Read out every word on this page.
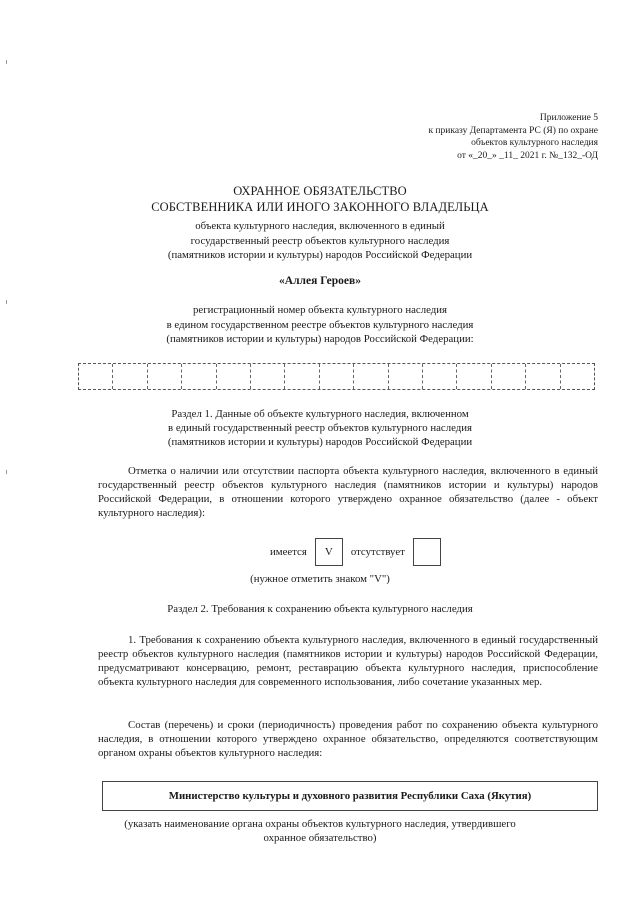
Приложение 5
к приказу Департамента РС (Я) по охране
объектов культурного наследия
от «_20_» _11_ 2021 г. №_132_-ОД
ОХРАННОЕ ОБЯЗАТЕЛЬСТВО
СОБСТВЕННИКА ИЛИ ИНОГО ЗАКОННОГО ВЛАДЕЛЬЦА
объекта культурного наследия, включенного в единый
государственный реестр объектов культурного наследия
(памятников истории и культуры) народов Российской Федерации
«Аллея Героев»
регистрационный номер объекта культурного наследия
в едином государственном реестре объектов культурного наследия
(памятников истории и культуры) народов Российской Федерации:
Раздел 1. Данные об объекте культурного наследия, включенном
в единый государственный реестр объектов культурного наследия
(памятников истории и культуры) народов Российской Федерации
Отметка о наличии или отсутствии паспорта объекта культурного наследия, включенного в единый государственный реестр объектов культурного наследия (памятников истории и культуры) народов Российской Федерации, в отношении которого утверждено охранное обязательство (далее - объект культурного наследия):
имеется	V	отсутствует
(нужное отметить знаком "V")
Раздел 2. Требования к сохранению объекта культурного наследия
1. Требования к сохранению объекта культурного наследия, включенного в единый государственный реестр объектов культурного наследия (памятников истории и культуры) народов Российской Федерации, предусматривают консервацию, ремонт, реставрацию объекта культурного наследия, приспособление объекта культурного наследия для современного использования, либо сочетание указанных мер.
Состав (перечень) и сроки (периодичность) проведения работ по сохранению объекта культурного наследия, в отношении которого утверждено охранное обязательство, определяются соответствующим органом охраны объектов культурного наследия:
Министерство культуры и духовного развития Республики Саха (Якутия)
(указать наименование органа охраны объектов культурного наследия, утвердившего
охранное обязательство)
